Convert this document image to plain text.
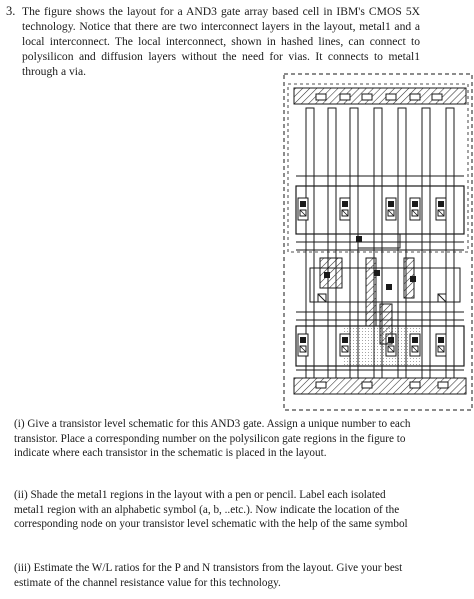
3. The figure shows the layout for a AND3 gate array based cell in IBM's CMOS 5X technology. Notice that there are two interconnect layers in the layout, metal1 and a local interconnect. The local interconnect, shown in hashed lines, can connect to polysilicon and diffusion layers without the need for vias. It connects to metal1 through a via.

(i) Give a transistor level schematic for this AND3 gate. Assign a unique number to each transistor. Place a corresponding number on the polysilicon gate regions in the figure to indicate where each transistor in the schematic is placed in the layout.

(ii) Shade the metal1 regions in the layout with a pen or pencil. Label each isolated metal1 region with an alphabetic symbol (a, b, ..etc.). Now indicate the location of the corresponding node on your transistor level schematic with the help of the same symbol

(iii) Estimate the W/L ratios for the P and N transistors from the layout. Give your best estimate of the channel resistance value for this technology.
